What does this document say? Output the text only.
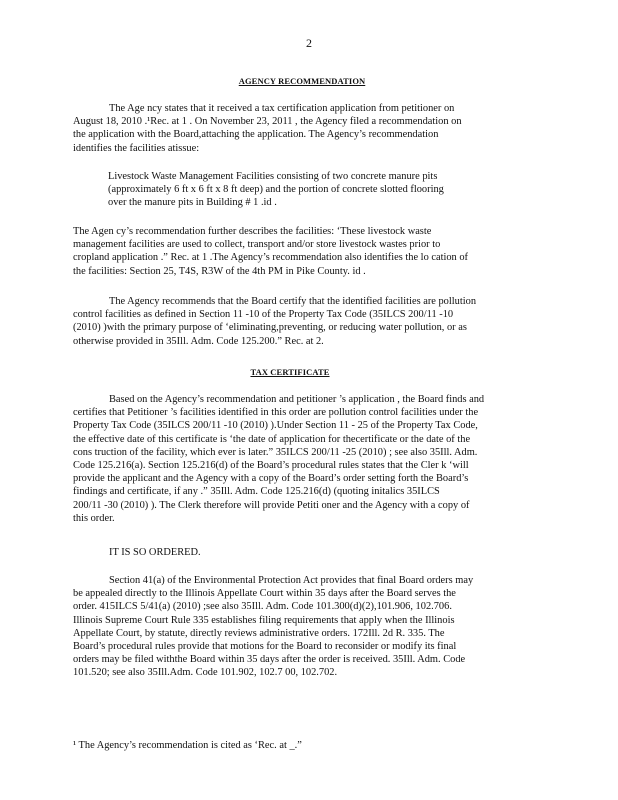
2
AGENCY RECOMMENDATION
The Age ncy states that it received a tax certification application from petitioner on
August 18, 2010 .¹Rec. at 1 . On November 23, 2011 , the Agency filed a recommendation on
the application with the Board,attaching the application. The Agency’s recommendation
identifies the facilities atissue:
Livestock Waste Management Facilities consisting of two concrete manure pits
(approximately 6 ft x 6 ft x 8 ft deep) and the portion of concrete slotted flooring
over the manure pits in Building # 1 .id .
The Agen cy’s recommendation further describes the facilities: ‘These livestock waste
management facilities are used to collect, transport and/or store livestock wastes prior to
cropland application .” Rec. at 1 .The Agency’s recommendation also identifies the lo cation of
the facilities: Section 25, T4S, R3W of the 4th PM in Pike County. id .
The Agency recommends that the Board certify that the identified facilities are pollution
control facilities as defined in Section 11 -10 of the Property Tax Code (35ILCS 200/11 -10
(2010) )with the primary purpose of ‘eliminating,preventing, or reducing water pollution, or as
otherwise provided in 35Ill. Adm. Code 125.200.” Rec. at 2.
TAX CERTIFICATE
Based on the Agency’s recommendation and petitioner ’s application , the Board finds and
certifies that Petitioner ’s facilities identified in this order are pollution control facilities under the
Property Tax Code (35ILCS 200/11 -10 (2010) ).Under Section 11 - 25 of the Property Tax Code,
the effective date of this certificate is ‘the date of application for thecertificate or the date of the
cons truction of the facility, which ever is later.” 35ILCS 200/11 -25 (2010) ; see also 35Ill. Adm.
Code 125.216(a). Section 125.216(d) of the Board’s procedural rules states that the Cler k ‘will
provide the applicant and the Agency with a copy of the Board’s order setting forth the Board’s
findings and certificate, if any .” 35Ill. Adm. Code 125.216(d) (quoting initalics 35ILCS
200/11 -30 (2010) ). The Clerk therefore will provide Petiti oner and the Agency with a copy of
this order.
IT IS SO ORDERED.
Section 41(a) of the Environmental Protection Act provides that final Board orders may
be appealed directly to the Illinois Appellate Court within 35 days after the Board serves the
order. 415ILCS 5/41(a) (2010) ;see also 35Ill. Adm. Code 101.300(d)(2),101.906, 102.706.
Illinois Supreme Court Rule 335 establishes filing requirements that apply when the Illinois
Appellate Court, by statute, directly reviews administrative orders. 172Ill. 2d R. 335. The
Board’s procedural rules provide that motions for the Board to reconsider or modify its final
orders may be filed withthe Board within 35 days after the order is received. 35Ill. Adm. Code
101.520; see also 35Ill.Adm. Code 101.902, 102.7 00, 102.702.
¹ The Agency’s recommendation is cited as ‘Rec. at _.”
